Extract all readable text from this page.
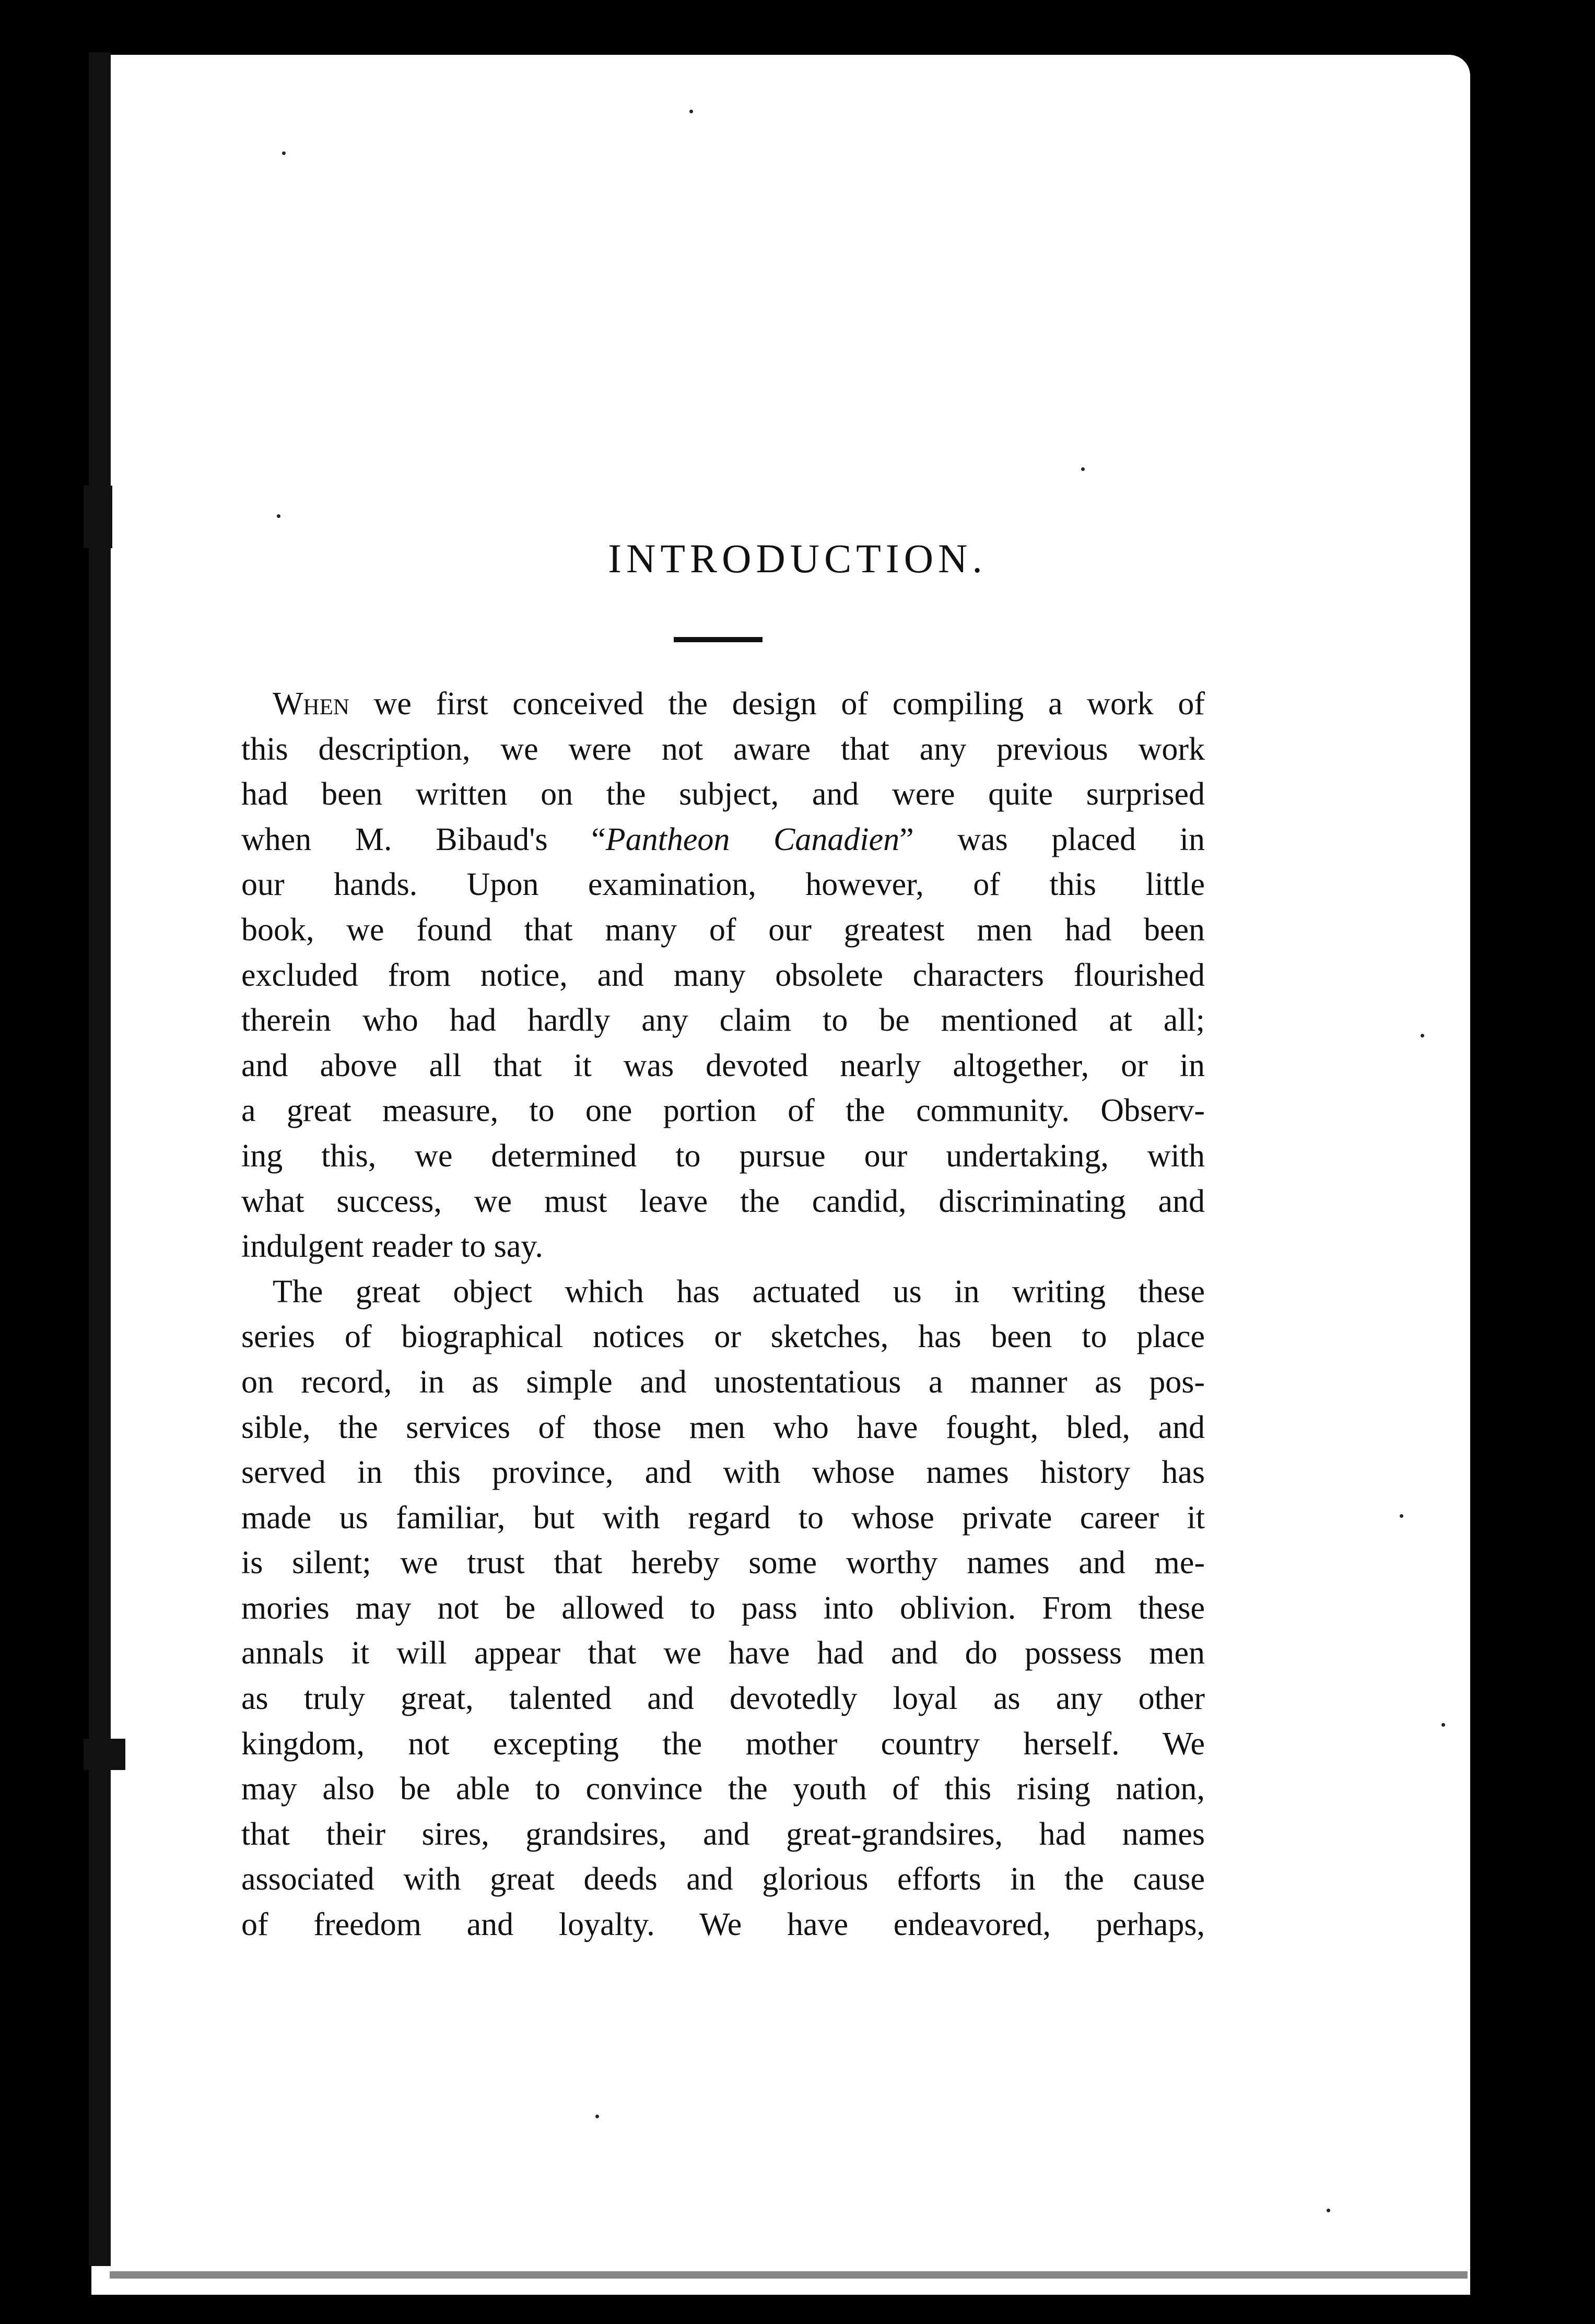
INTRODUCTION.
When we first conceived the design of compiling a work of
this description, we were not aware that any previous work
had been written on the subject, and were quite surprised
when M. Bibaud's “Pantheon Canadien” was placed in
our hands. Upon examination, however, of this little
book, we found that many of our greatest men had been
excluded from notice, and many obsolete characters flourished
therein who had hardly any claim to be mentioned at all;
and above all that it was devoted nearly altogether, or in
a great measure, to one portion of the community. Observ-
ing this, we determined to pursue our undertaking, with
what success, we must leave the candid, discriminating and
indulgent reader to say.
The great object which has actuated us in writing these
series of biographical notices or sketches, has been to place
on record, in as simple and unostentatious a manner as pos-
sible, the services of those men who have fought, bled, and
served in this province, and with whose names history has
made us familiar, but with regard to whose private career it
is silent; we trust that hereby some worthy names and me-
mories may not be allowed to pass into oblivion. From these
annals it will appear that we have had and do possess men
as truly great, talented and devotedly loyal as any other
kingdom, not excepting the mother country herself. We
may also be able to convince the youth of this rising nation,
that their sires, grandsires, and great-grandsires, had names
associated with great deeds and glorious efforts in the cause
of freedom and loyalty. We have endeavored, perhaps,
